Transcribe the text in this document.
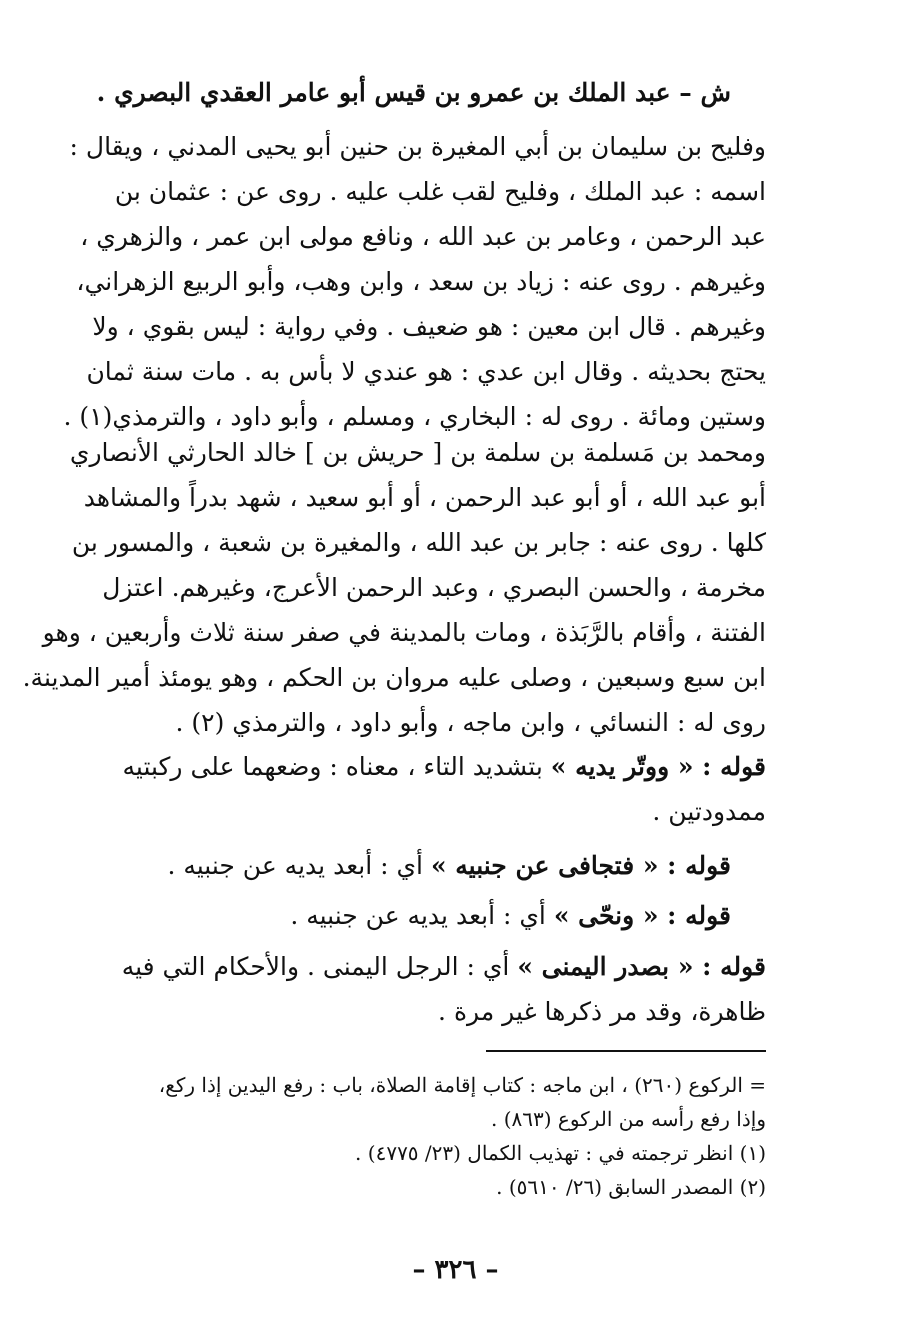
ش – عبد الملك بن عمرو بن قيس أبو عامر العقدي البصري .
وفليح بن سليمان بن أبي المغيرة بن حنين أبو يحيى المدني ، ويقال :
اسمه : عبد الملك ، وفليح لقب غلب عليه . روى عن : عثمان بن
عبد الرحمن ، وعامر بن عبد الله ، ونافع مولى ابن عمر ، والزهري ،
وغيرهم . روى عنه : زياد بن سعد ، وابن وهب، وأبو الربيع الزهراني،
وغيرهم . قال ابن معين : هو ضعيف . وفي رواية : ليس بقوي ، ولا
يحتج بحديثه . وقال ابن عدي : هو عندي لا بأس به . مات سنة ثمان
وستين ومائة . روى له : البخاري ، ومسلم ، وأبو داود ، والترمذي(١) .
ومحمد بن مَسلمة بن سلمة بن [ حريش بن ] خالد الحارثي الأنصاري
أبو عبد الله ، أو أبو عبد الرحمن ، أو أبو سعيد ، شهد بدراً والمشاهد
كلها . روى عنه : جابر بن عبد الله ، والمغيرة بن شعبة ، والمسور بن
مخرمة ، والحسن البصري ، وعبد الرحمن الأعرج، وغيرهم. اعتزل
الفتنة ، وأقام بالرَّبَذة ، ومات بالمدينة في صفر سنة ثلاث وأربعين ، وهو
ابن سبع وسبعين ، وصلى عليه مروان بن الحكم ، وهو يومئذ أمير المدينة.
روى له : النسائي ، وابن ماجه ، وأبو داود ، والترمذي (٢) .
قوله : « ووتّر يديه » بتشديد التاء ، معناه : وضعهما على ركبتيه
ممدودتين .
قوله : « فتجافى عن جنبيه » أي : أبعد يديه عن جنبيه .
قوله : « ونحّى » أي : أبعد يديه عن جنبيه .
قوله : « بصدر اليمنى » أي : الرجل اليمنى . والأحكام التي فيه
ظاهرة، وقد مر ذكرها غير مرة .
= الركوع (٢٦٠) ، ابن ماجه : كتاب إقامة الصلاة، باب : رفع اليدين إذا ركع،
وإذا رفع رأسه من الركوع (٨٦٣) .
(١) انظر ترجمته في : تهذيب الكمال (٢٣/ ٤٧٧٥) .
(٢) المصدر السابق (٢٦/ ٥٦١٠) .
– ٣٢٦ –
